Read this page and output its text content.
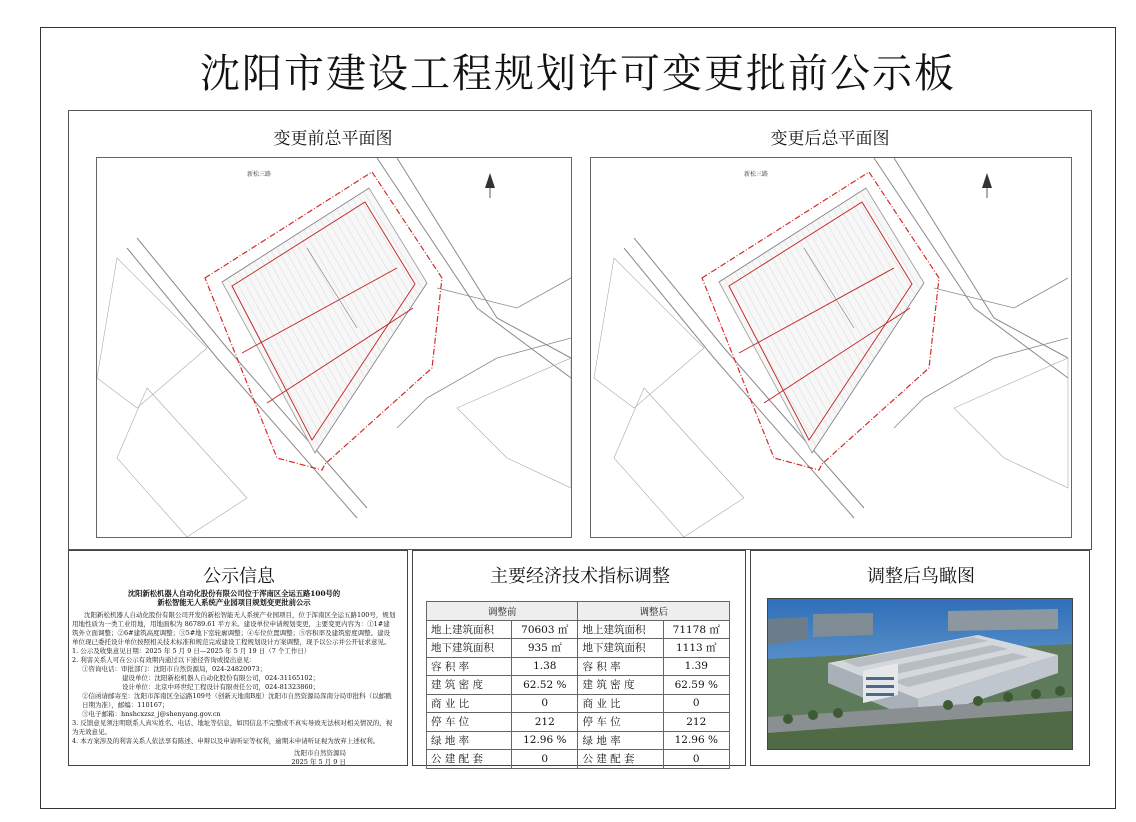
沈阳市建设工程规划许可变更批前公示板
变更前总平面图	变更后总平面图
新松三路	新松三路
公示信息

沈阳新松机器人自动化股份有限公司位于浑南区全运五路100号的

新松智能无人系统产业园项目规划变更批前公示

沈阳新松机器人自动化股份有限公司开发的新松智能无人系统产业园项目，位于浑南区全运五路100号，规划用地性质为一类工业用地，用地面积为 86789.61 平方米。建设单位申请规划变更，主要变更内容为：①1#建筑外立面调整；②6#建筑高度调整；③5#地下室轮廓调整；④车位位置调整；⑤容积率及建筑密度调整。建设单位现已委托设计单位按照相关技术标准和规范完成建设工程规划设计方案调整，现予以公示并公开征求意见。

1. 公示及收集意见日期：2025 年 5 月 9 日—2025 年 5 月 19 日（7 个工作日）

2. 利害关系人可在公示有效期内通过以下途径咨询或提出意见：

①咨询电话：审批部门：沈阳市自然资源局，024-24820973；

建设单位：沈阳新松机器人自动化股份有限公司，024-31165102；

设计单位：北京中环世纪工程设计有限责任公司，024-81323860；

②信函请邮寄至：沈阳市浑南区全运路109号（创新天地南B座）沈阳市自然资源局浑南分局审批科（以邮戳日期为准），邮编：110167；

③电子邮箱：hnshcxzsz_j@shenyang.gov.cn

3. 反馈意见须注明联系人真实姓名、电话、地址等信息，如因信息不完整或不真实导致无法核对相关情况的，视为无效意见。

4. 本方案涉及的利害关系人依法享有陈述、申辩以及申请听证等权利，逾期未申请听证视为放弃上述权利。

沈阳市自然资源局

2025 年 5 月 9 日

主要经济技术指标调整
调整前		调整后	
地上建筑面积	70603 ㎡	地上建筑面积	71178 ㎡
地下建筑面积	935 ㎡	地下建筑面积	1113 ㎡
容 积 率	1.38	容 积 率	1.39
建 筑 密 度	62.52 %	建 筑 密 度	62.59 %
商 业 比	0	商 业 比	0
停 车 位	212	停 车 位	212
绿 地 率	12.96 %	绿 地 率	12.96 %
公 建 配 套	0	公 建 配 套	0
调整后鸟瞰图
